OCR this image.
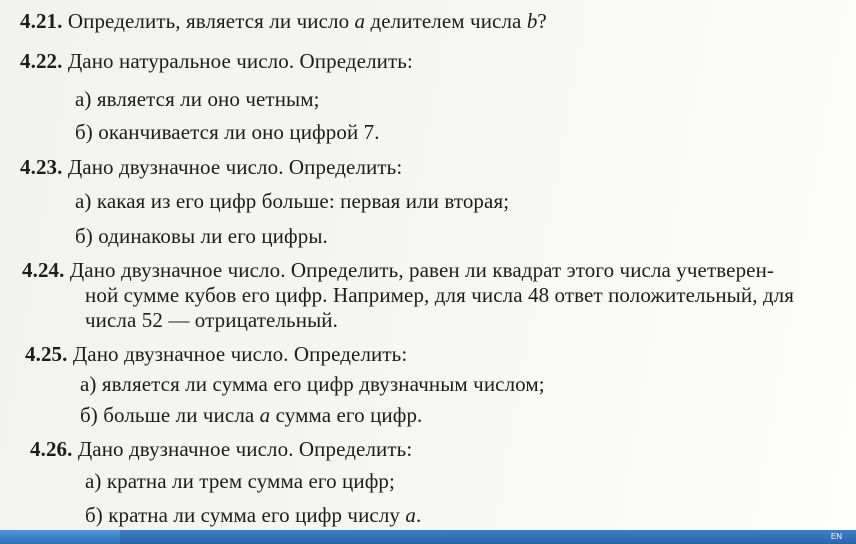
4.21. Определить, является ли число a делителем числа b?
4.22. Дано натуральное число. Определить:
а) является ли оно четным;
б) оканчивается ли оно цифрой 7.
4.23. Дано двузначное число. Определить:
а) какая из его цифр больше: первая или вторая;
б) одинаковы ли его цифры.
4.24. Дано двузначное число. Определить, равен ли квадрат этого числа учетверен-
ной сумме кубов его цифр. Например, для числа 48 ответ положительный, для
числа 52 — отрицательный.
4.25. Дано двузначное число. Определить:
а) является ли сумма его цифр двузначным числом;
б) больше ли числа a сумма его цифр.
4.26. Дано двузначное число. Определить:
а) кратна ли трем сумма его цифр;
б) кратна ли сумма его цифр числу a.
EN
